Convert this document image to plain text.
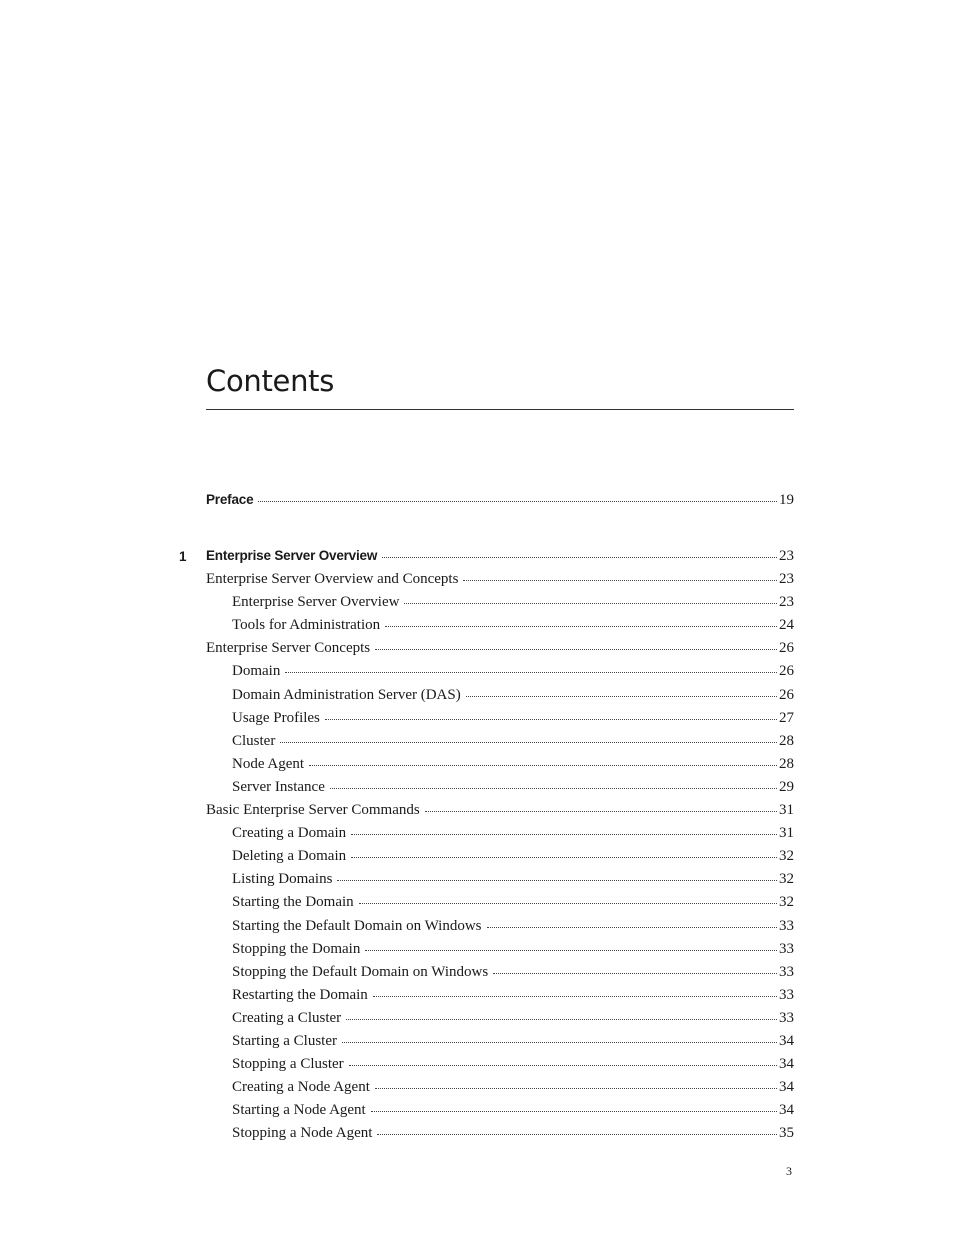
Contents
Preface	19
1 Enterprise Server Overview	23
Enterprise Server Overview and Concepts	23
Enterprise Server Overview	23
Tools for Administration	24
Enterprise Server Concepts	26
Domain	26
Domain Administration Server (DAS)	26
Usage Profiles	27
Cluster	28
Node Agent	28
Server Instance	29
Basic Enterprise Server Commands	31
Creating a Domain	31
Deleting a Domain	32
Listing Domains	32
Starting the Domain	32
Starting the Default Domain on Windows	33
Stopping the Domain	33
Stopping the Default Domain on Windows	33
Restarting the Domain	33
Creating a Cluster	33
Starting a Cluster	34
Stopping a Cluster	34
Creating a Node Agent	34
Starting a Node Agent	34
Stopping a Node Agent	35
3
